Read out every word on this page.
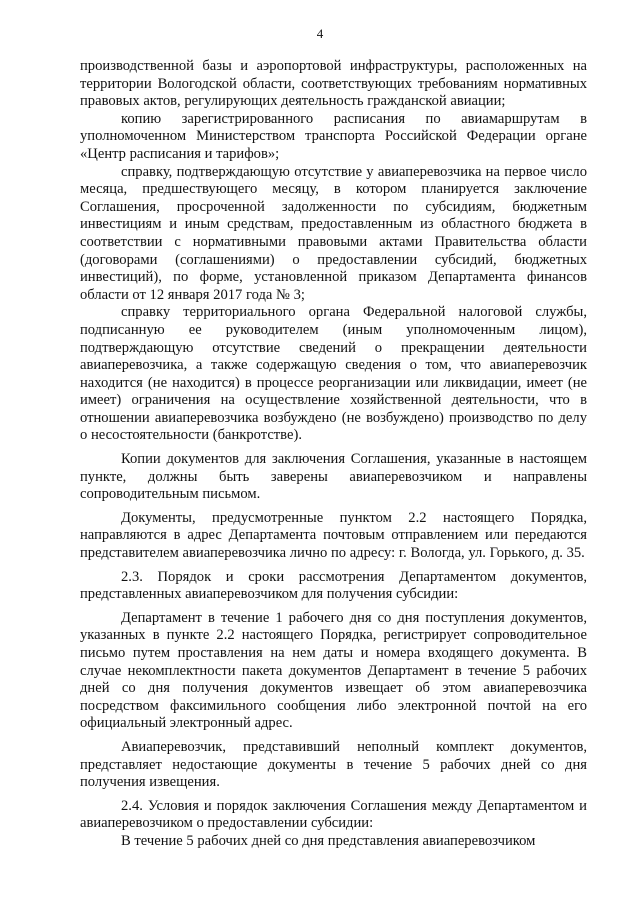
4

производственной базы и аэропортовой инфраструктуры, расположенных на территории Вологодской области, соответствующих требованиям нормативных правовых актов, регулирующих деятельность гражданской авиации;

копию зарегистрированного расписания по авиамаршрутам в уполномоченном Министерством транспорта Российской Федерации органе «Центр расписания и тарифов»;

справку, подтверждающую отсутствие у авиаперевозчика на первое число месяца, предшествующего месяцу, в котором планируется заключение Соглашения, просроченной задолженности по субсидиям, бюджетным инвестициям и иным средствам, предоставленным из областного бюджета в соответствии с нормативными правовыми актами Правительства области (договорами (соглашениями) о предоставлении субсидий, бюджетных инвестиций), по форме, установленной приказом Департамента финансов области от 12 января 2017 года № 3;

справку территориального органа Федеральной налоговой службы, подписанную ее руководителем (иным уполномоченным лицом), подтверждающую отсутствие сведений о прекращении деятельности авиаперевозчика, а также содержащую сведения о том, что авиаперевозчик находится (не находится) в процессе реорганизации или ликвидации, имеет (не имеет) ограничения на осуществление хозяйственной деятельности, что в отношении авиаперевозчика возбуждено (не возбуждено) производство по делу о несостоятельности (банкротстве).

Копии документов для заключения Соглашения, указанные в настоящем пункте, должны быть заверены авиаперевозчиком и направлены сопроводительным письмом.

Документы, предусмотренные пунктом 2.2 настоящего Порядка, направляются в адрес Департамента почтовым отправлением или передаются представителем авиаперевозчика лично по адресу: г. Вологда, ул. Горького, д. 35.

2.3. Порядок и сроки рассмотрения Департаментом документов, представленных авиаперевозчиком для получения субсидии:

Департамент в течение 1 рабочего дня со дня поступления документов, указанных в пункте 2.2 настоящего Порядка, регистрирует сопроводительное письмо путем проставления на нем даты и номера входящего документа. В случае некомплектности пакета документов Департамент в течение 5 рабочих дней со дня получения документов извещает об этом авиаперевозчика посредством факсимильного сообщения либо электронной почтой на его официальный электронный адрес.

Авиаперевозчик, представивший неполный комплект документов, представляет недостающие документы в течение 5 рабочих дней со дня получения извещения.

2.4. Условия и порядок заключения Соглашения между Департаментом и авиаперевозчиком о предоставлении субсидии:

В течение 5 рабочих дней со дня представления авиаперевозчиком
